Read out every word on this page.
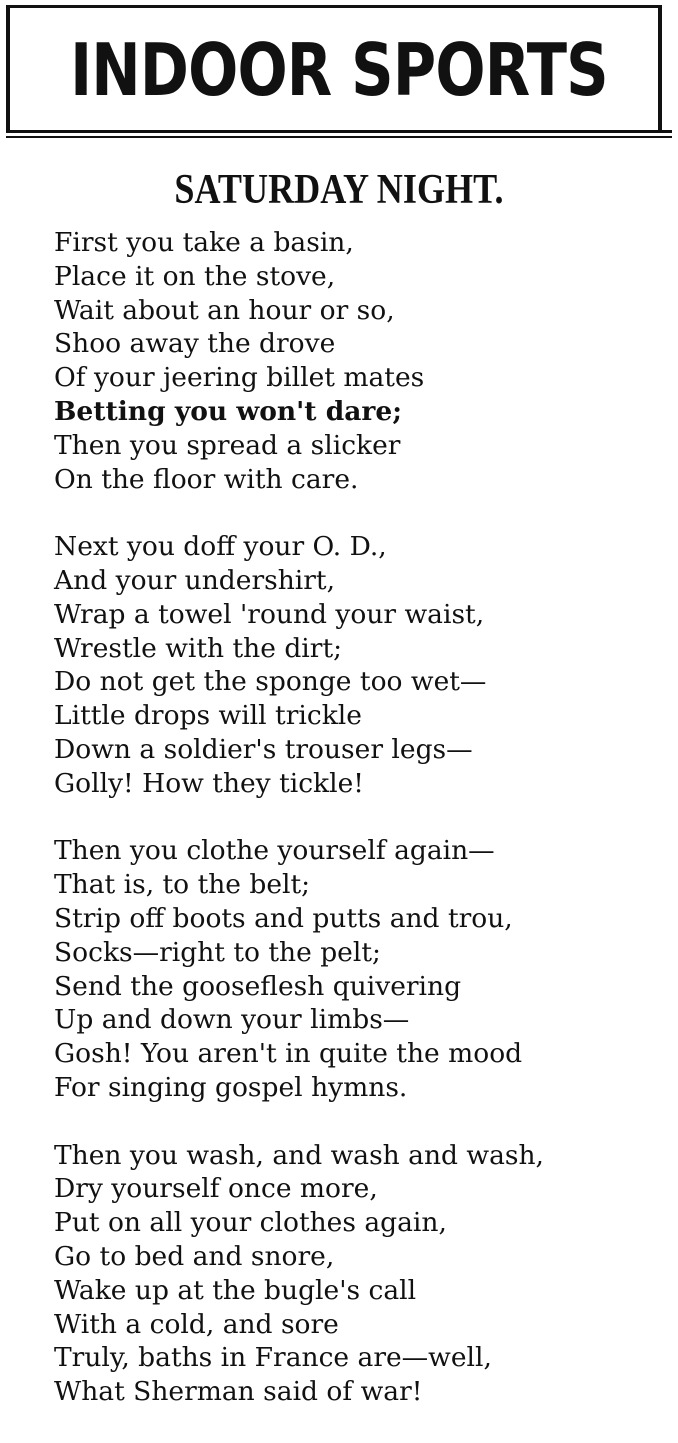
INDOOR SPORTS
SATURDAY NIGHT.
First you take a basin,
Place it on the stove,
Wait about an hour or so,
Shoo away the drove
Of your jeering billet mates
Betting you won't dare;
Then you spread a slicker
On the floor with care.
Next you doff your O. D.,
And your undershirt,
Wrap a towel 'round your waist,
Wrestle with the dirt;
Do not get the sponge too wet—
Little drops will trickle
Down a soldier's trouser legs—
Golly! How they tickle!
Then you clothe yourself again—
That is, to the belt;
Strip off boots and putts and trou,
Socks—right to the pelt;
Send the gooseflesh quivering
Up and down your limbs—
Gosh! You aren't in quite the mood
For singing gospel hymns.
Then you wash, and wash and wash,
Dry yourself once more,
Put on all your clothes again,
Go to bed and snore,
Wake up at the bugle's call
With a cold, and sore
Truly, baths in France are—well,
What Sherman said of war!
